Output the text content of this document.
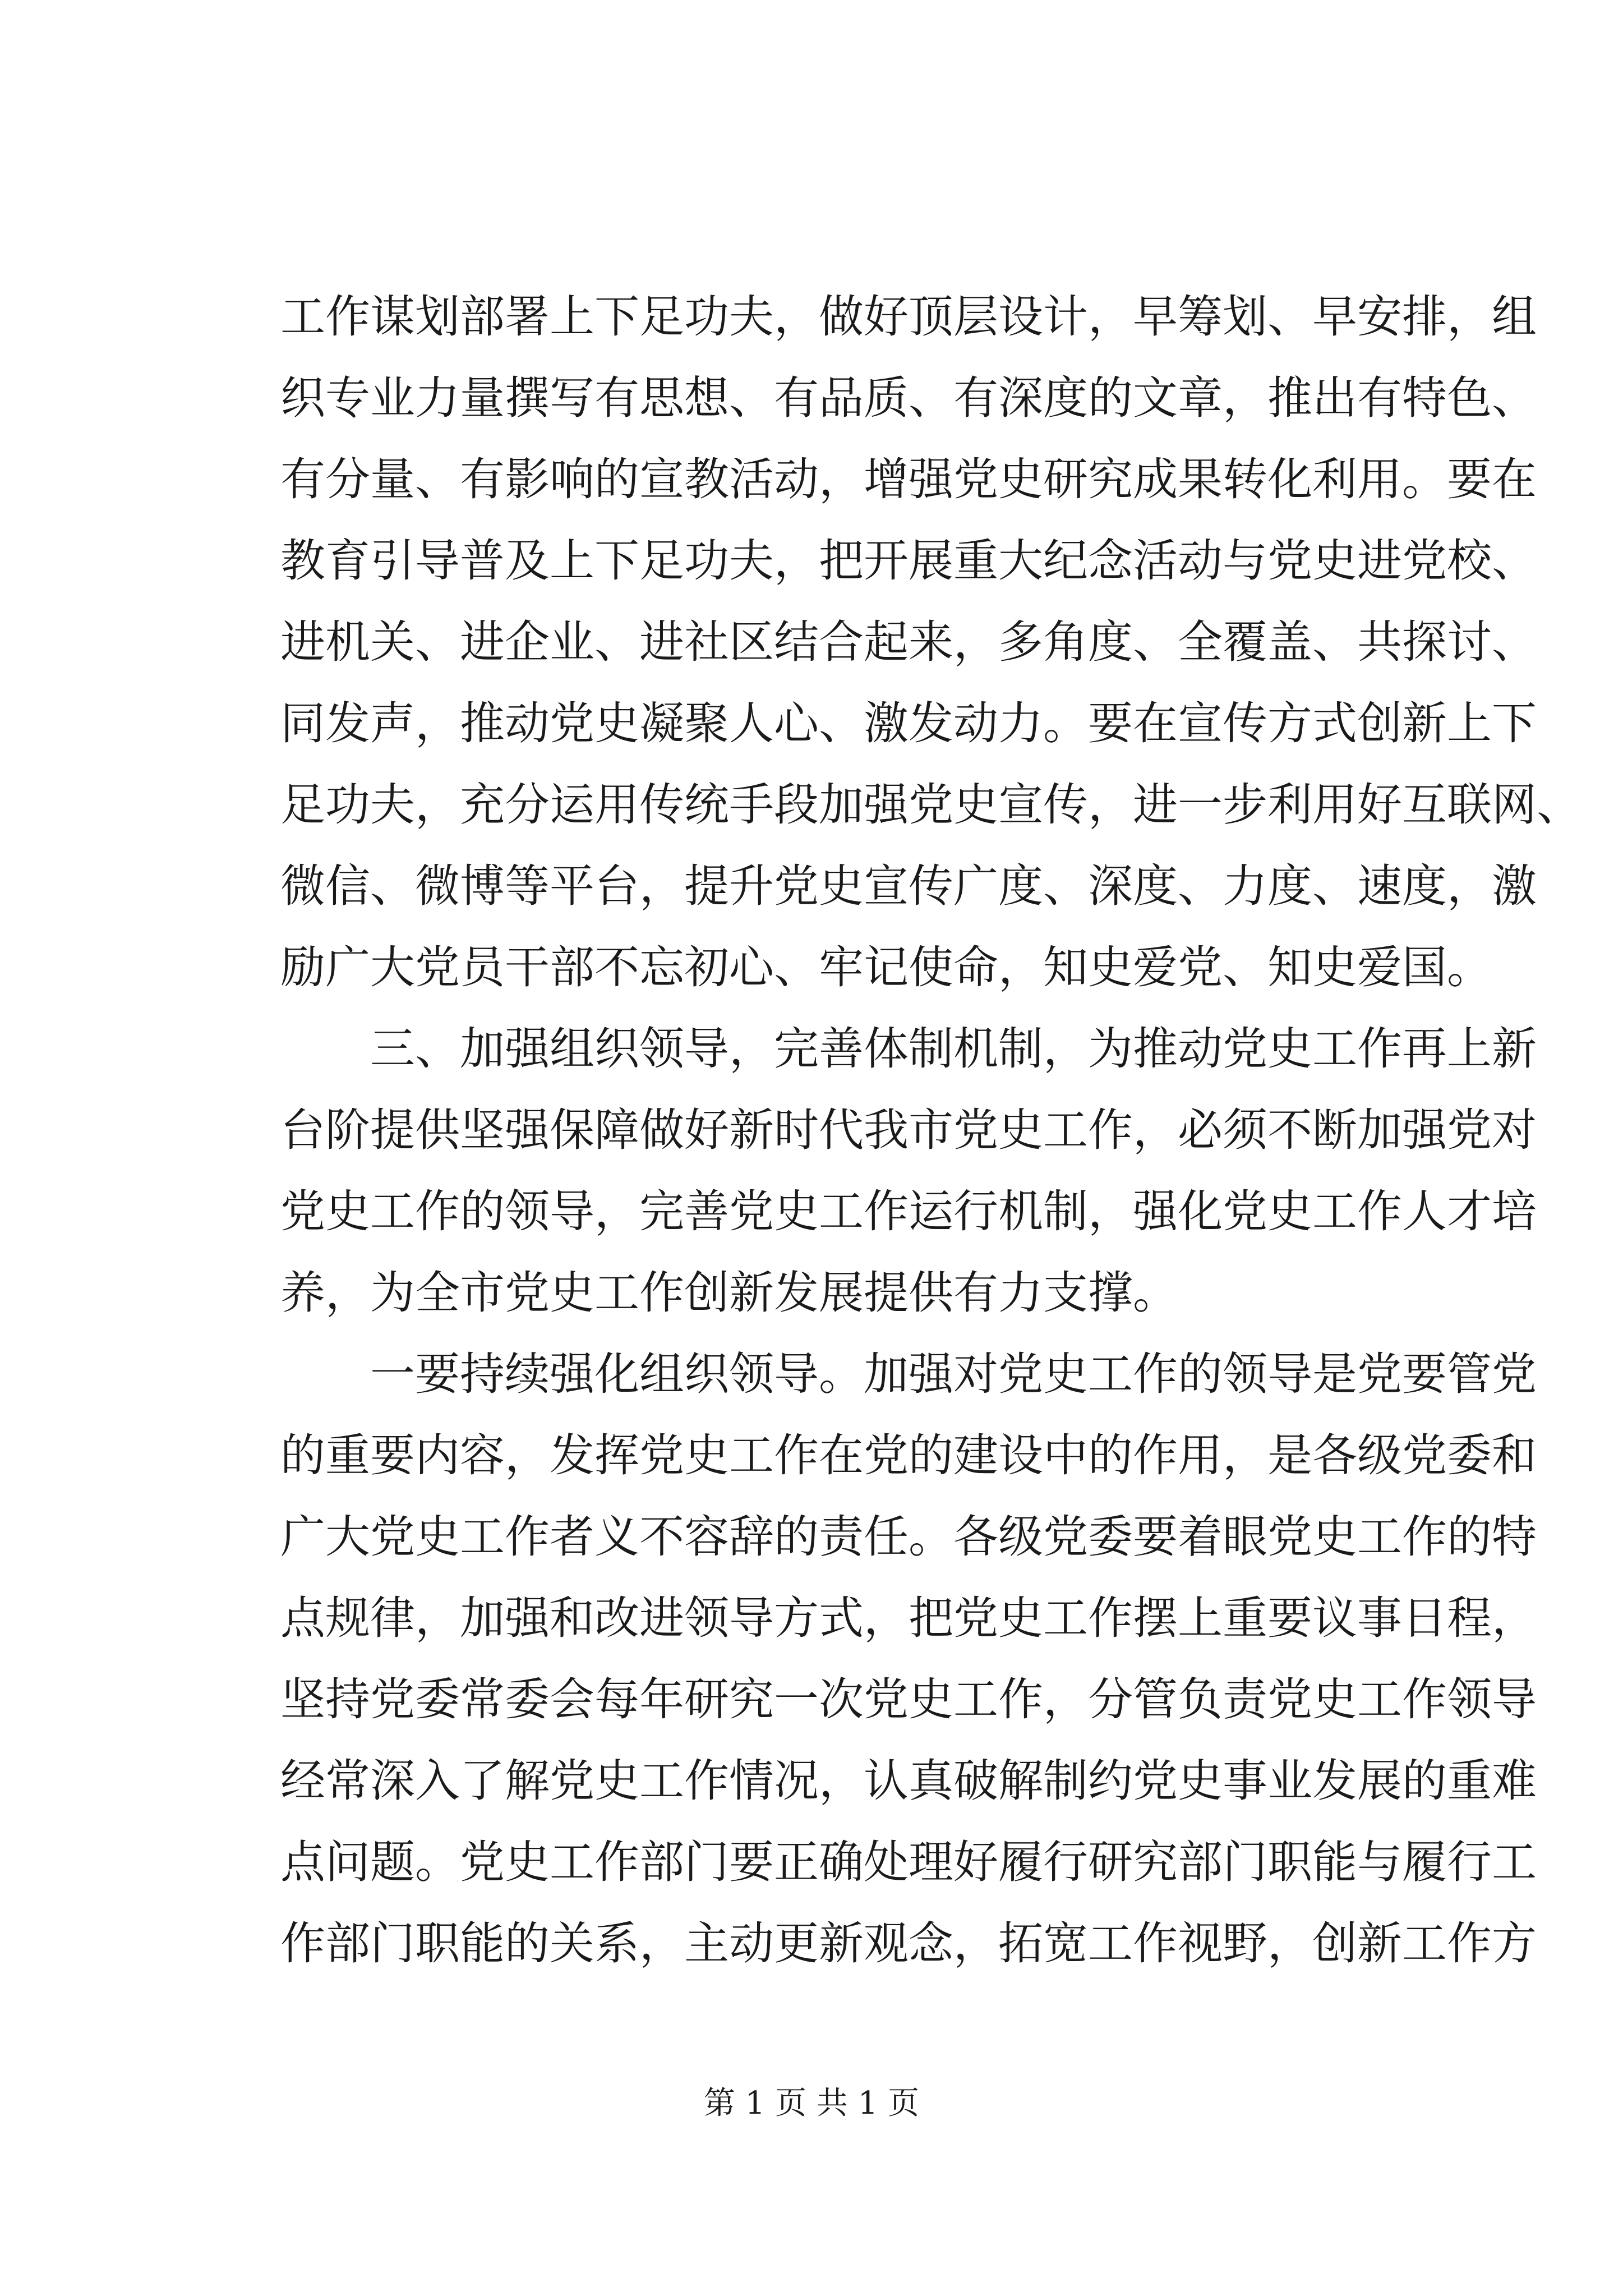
工作谋划部署上下足功夫，做好顶层设计，早筹划、早安排，组
织专业力量撰写有思想、有品质、有深度的文章，推出有特色、
有分量、有影响的宣教活动，增强党史研究成果转化利用。要在
教育引导普及上下足功夫，把开展重大纪念活动与党史进党校、
进机关、进企业、进社区结合起来，多角度、全覆盖、共探讨、
同发声，推动党史凝聚人心、激发动力。要在宣传方式创新上下
足功夫，充分运用传统手段加强党史宣传，进一步利用好互联网、
微信、微博等平台，提升党史宣传广度、深度、力度、速度，激
励广大党员干部不忘初心、牢记使命，知史爱党、知史爱国。
三、加强组织领导，完善体制机制，为推动党史工作再上新
台阶提供坚强保障做好新时代我市党史工作，必须不断加强党对
党史工作的领导，完善党史工作运行机制，强化党史工作人才培
养，为全市党史工作创新发展提供有力支撑。
一要持续强化组织领导。加强对党史工作的领导是党要管党
的重要内容，发挥党史工作在党的建设中的作用，是各级党委和
广大党史工作者义不容辞的责任。各级党委要着眼党史工作的特
点规律，加强和改进领导方式，把党史工作摆上重要议事日程，
坚持党委常委会每年研究一次党史工作，分管负责党史工作领导
经常深入了解党史工作情况，认真破解制约党史事业发展的重难
点问题。党史工作部门要正确处理好履行研究部门职能与履行工
作部门职能的关系，主动更新观念，拓宽工作视野，创新工作方
第 1 页 共 1 页
